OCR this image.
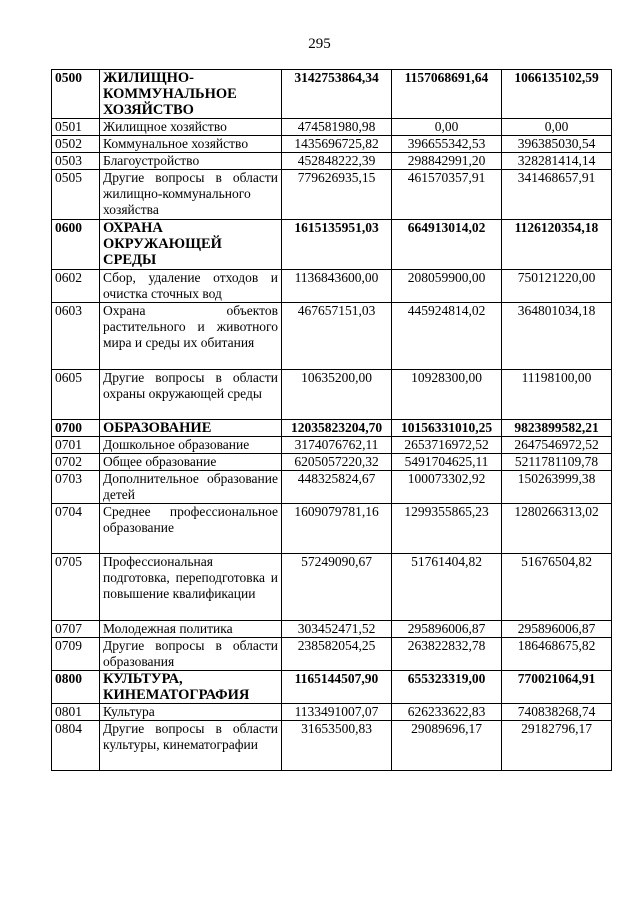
295
0500	ЖИЛИЩНО-КОММУНАЛЬНОЕ ХОЗЯЙСТВО	3142753864,34	1157068691,64	1066135102,59
0501	Жилищное хозяйство	474581980,98	0,00	0,00
0502	Коммунальное хозяйство	1435696725,82	396655342,53	396385030,54
0503	Благоустройство	452848222,39	298842991,20	328281414,14
0505	Другие вопросы в области жилищно-коммунального хозяйства	779626935,15	461570357,91	341468657,91
0600	ОХРАНА ОКРУЖАЮЩЕЙ СРЕДЫ	1615135951,03	664913014,02	1126120354,18
0602	Сбор, удаление отходов и очистка сточных вод	1136843600,00	208059900,00	750121220,00
0603	Охрана объектов растительного и животного мира и среды их обитания	467657151,03	445924814,02	364801034,18
0605	Другие вопросы в области охраны окружающей среды	10635200,00	10928300,00	11198100,00
0700	ОБРАЗОВАНИЕ	12035823204,70	10156331010,25	9823899582,21
0701	Дошкольное образование	3174076762,11	2653716972,52	2647546972,52
0702	Общее образование	6205057220,32	5491704625,11	5211781109,78
0703	Дополнительное образование детей	448325824,67	100073302,92	150263999,38
0704	Среднее профессиональное образование	1609079781,16	1299355865,23	1280266313,02
0705	Профессиональная подготовка, переподготовка и повышение квалификации	57249090,67	51761404,82	51676504,82
0707	Молодежная политика	303452471,52	295896006,87	295896006,87
0709	Другие вопросы в области образования	238582054,25	263822832,78	186468675,82
0800	КУЛЬТУРА, КИНЕМАТОГРАФИЯ	1165144507,90	655323319,00	770021064,91
0801	Культура	1133491007,07	626233622,83	740838268,74
0804	Другие вопросы в области культуры, кинематографии	31653500,83	29089696,17	29182796,17
